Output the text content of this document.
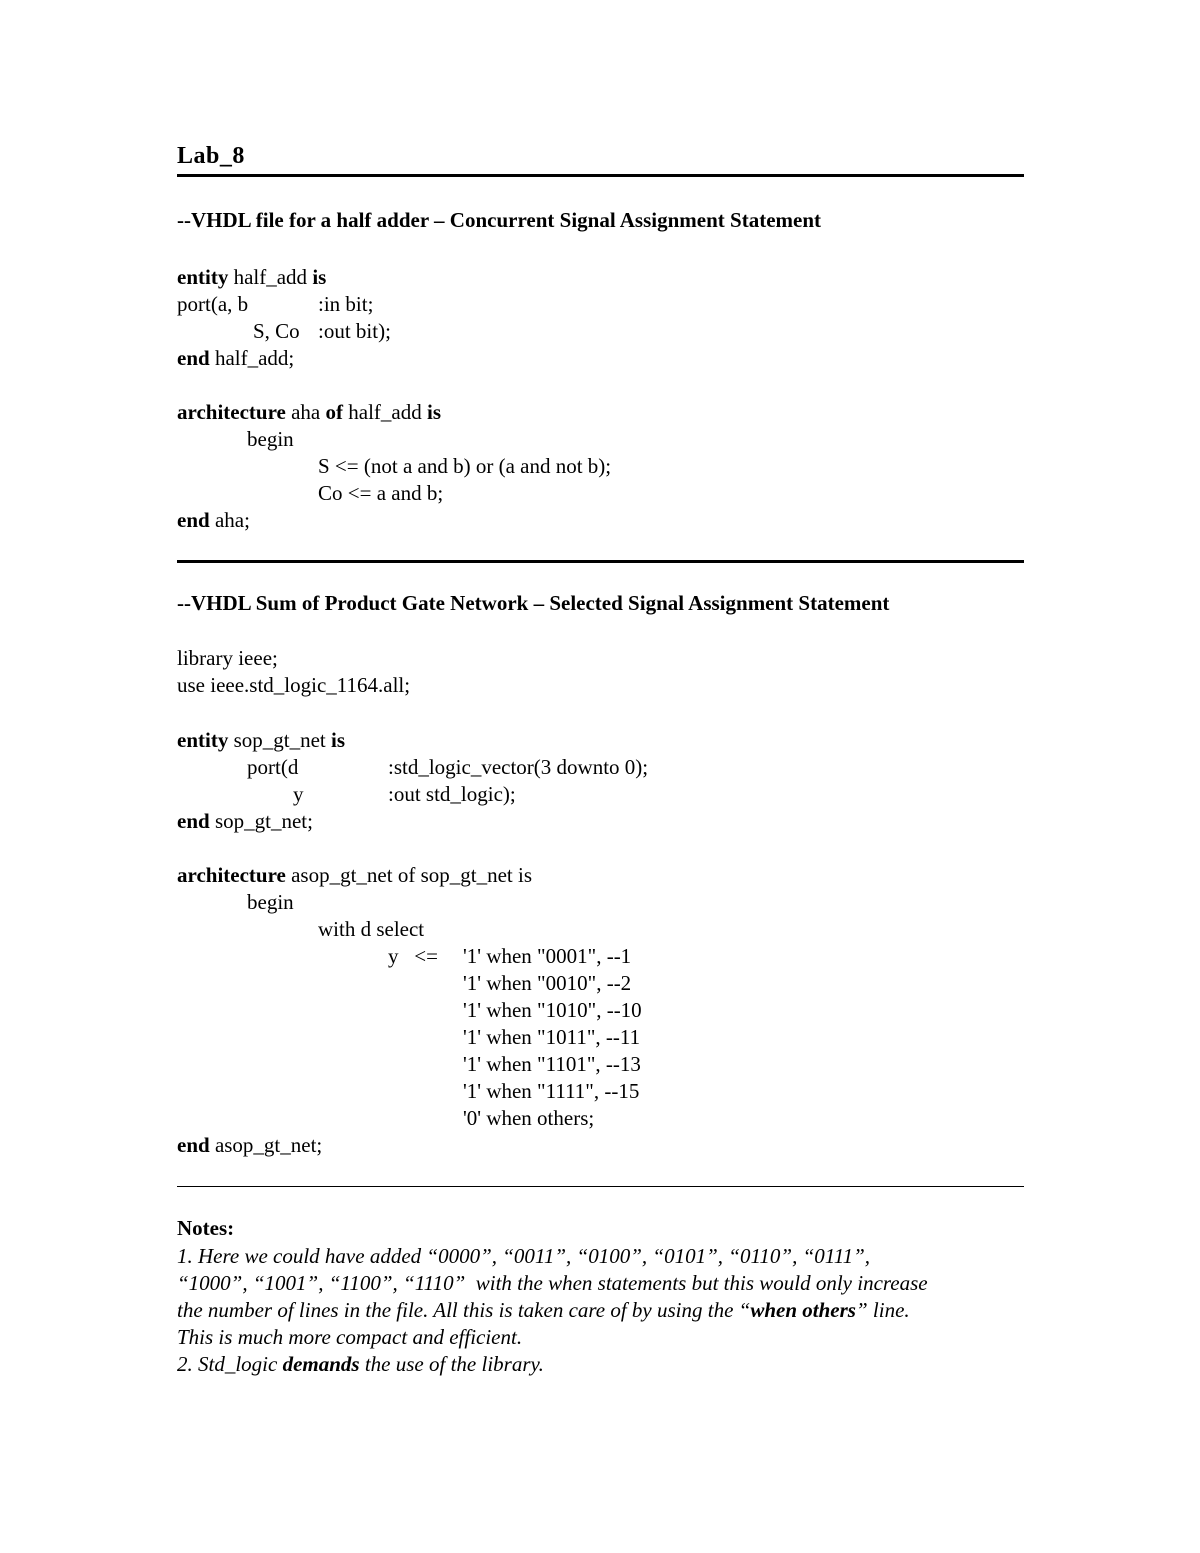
Lab_8
--VHDL file for a half adder – Concurrent Signal Assignment Statement
entity half_add is
port(a, b	:in bit;
S, Co :out bit);
end half_add;
architecture aha of half_add is
begin
S <= (not a and b) or (a and not b);
Co <= a and b;
end aha;
--VHDL Sum of Product Gate Network – Selected Signal Assignment Statement
library ieee;
use ieee.std_logic_1164.all;
entity sop_gt_net is
port(d	:std_logic_vector(3 downto 0);
y	:out std_logic);
end sop_gt_net;
architecture asop_gt_net of sop_gt_net is
begin
with d select
y   <= '1' when "0001", --1
'1' when "0010", --2
'1' when "1010", --10
'1' when "1011", --11
'1' when "1101", --13
'1' when "1111", --15
'0' when others;
end asop_gt_net;
Notes:
1. Here we could have added “0000”, “0011”, “0100”, “0101”, “0110”, “0111”,
“1000”, “1001”, “1100”, “1110”  with the when statements but this would only increase
the number of lines in the file. All this is taken care of by using the “when others” line.
This is much more compact and efficient.
2. Std_logic demands the use of the library.
